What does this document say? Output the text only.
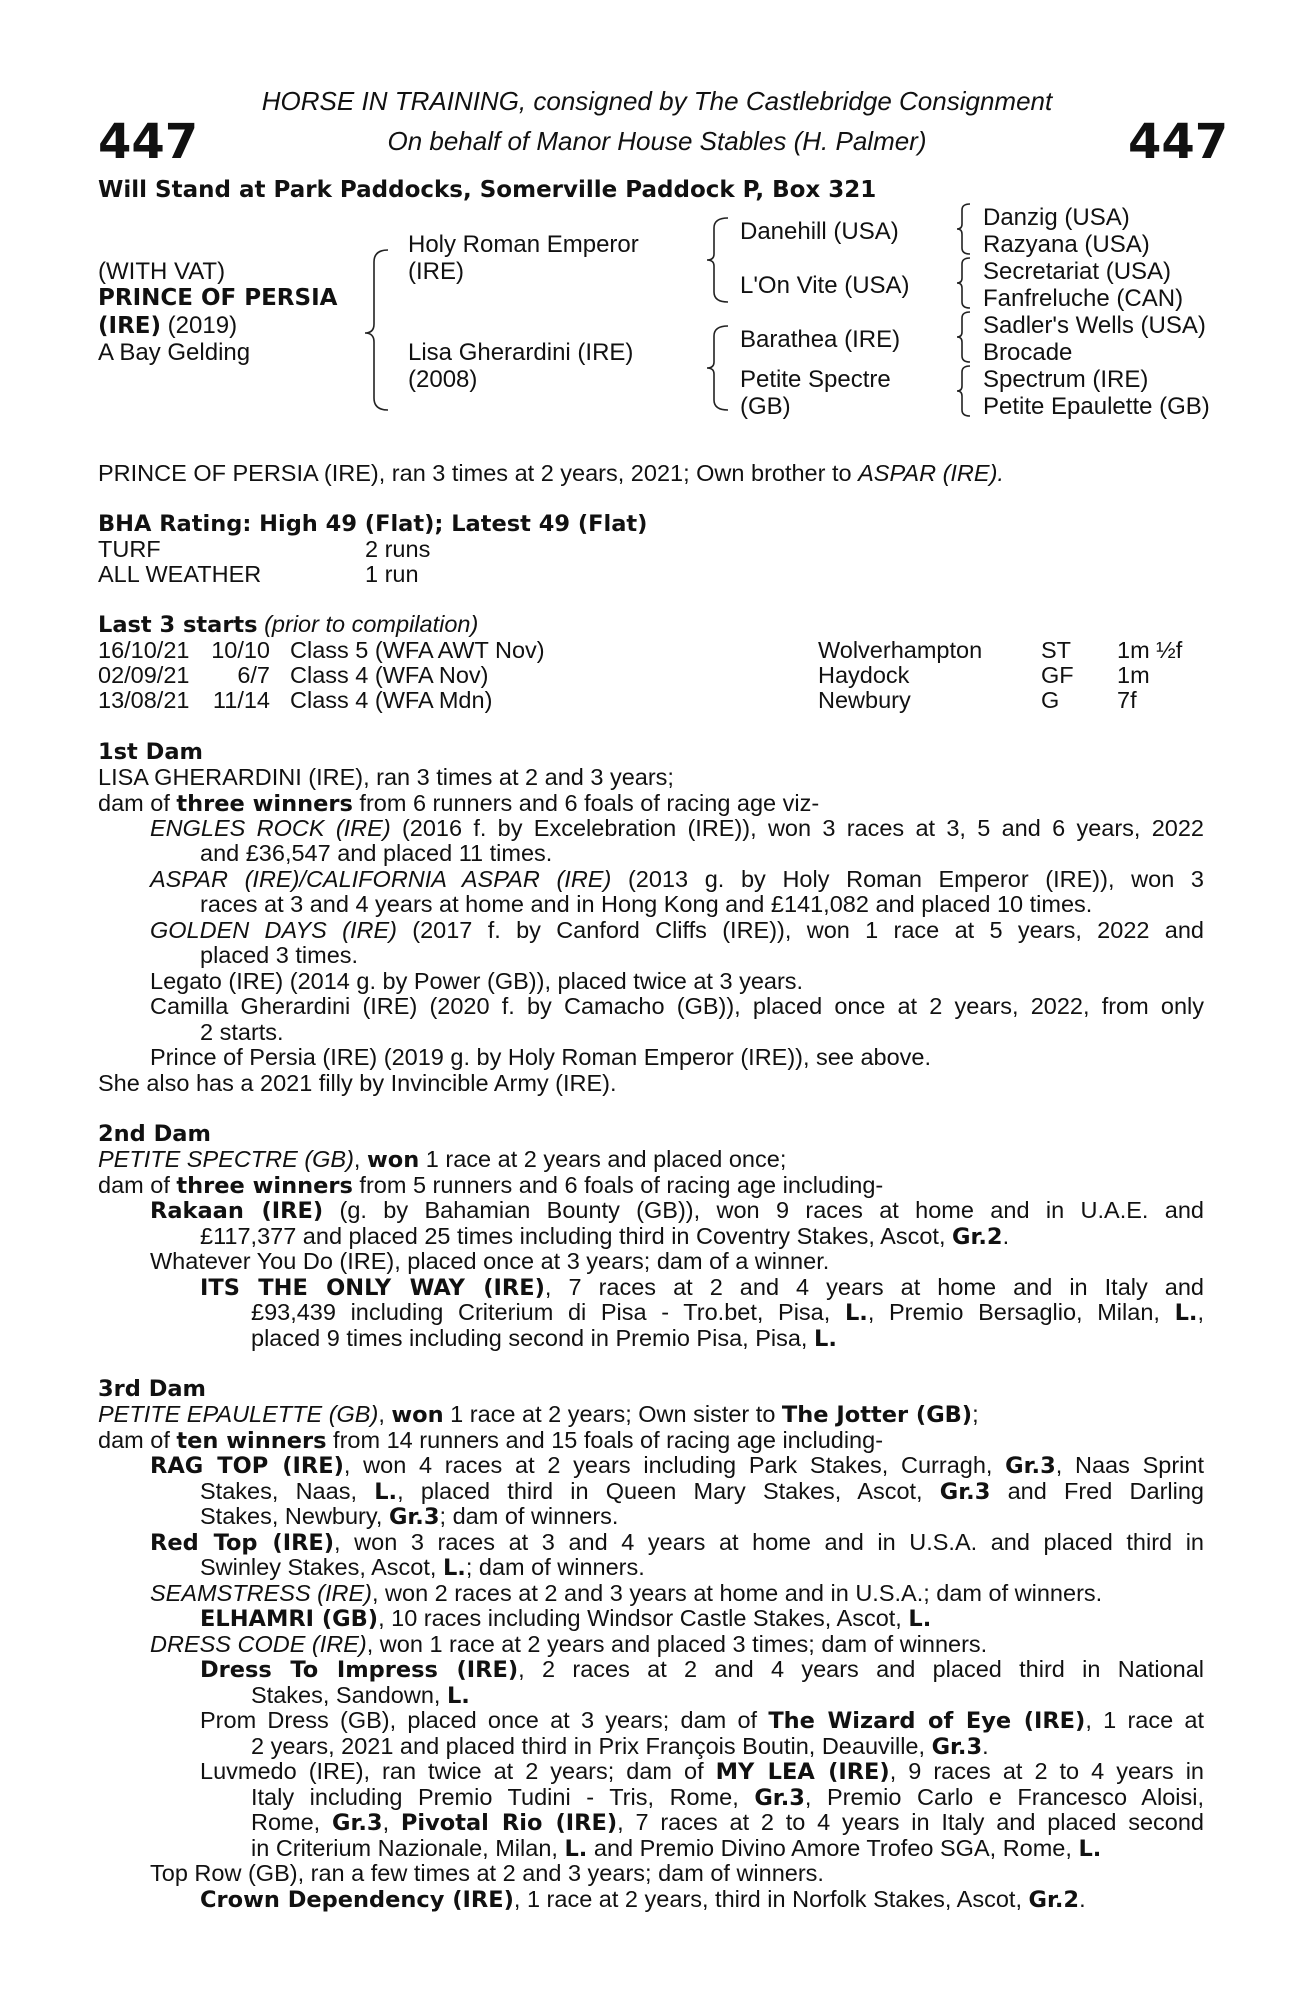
447	447
HORSE IN TRAINING, consigned by The Castlebridge Consignment
On behalf of Manor House Stables (H. Palmer)
Will Stand at Park Paddocks, Somerville Paddock P, Box 321
(WITH VAT)
PRINCE OF PERSIA
(IRE) (2019)
A Bay Gelding
Holy Roman Emperor
(IRE)
Lisa Gherardini (IRE)
(2008)
Danehill (USA)
L'On Vite (USA)
Barathea (IRE)
Petite Spectre
(GB)
Danzig (USA)
Razyana (USA)
Secretariat (USA)
Fanfreluche (CAN)
Sadler's Wells (USA)
Brocade
Spectrum (IRE)
Petite Epaulette (GB)
PRINCE OF PERSIA (IRE), ran 3 times at 2 years, 2021; Own brother to ASPAR (IRE).
BHA Rating: High 49 (Flat); Latest 49 (Flat)
TURF	2 runs
ALL WEATHER	1 run
Last 3 starts (prior to compilation)
16/10/21 10/10 Class 5 (WFA AWT Nov)	Wolverhampton	ST 1m ½f
02/09/21	6/7 Class 4 (WFA Nov)	Haydock	GF 1m
13/08/21 11/14 Class 4 (WFA Mdn)	Newbury	G 7f
1st Dam
LISA GHERARDINI (IRE), ran 3 times at 2 and 3 years;
dam of three winners from 6 runners and 6 foals of racing age viz-
ENGLES ROCK (IRE) (2016 f. by Excelebration (IRE)), won 3 races at 3, 5 and 6 years, 2022
and £36,547 and placed 11 times.
ASPAR (IRE)/CALIFORNIA ASPAR (IRE) (2013 g. by Holy Roman Emperor (IRE)), won 3
races at 3 and 4 years at home and in Hong Kong and £141,082 and placed 10 times.
GOLDEN DAYS (IRE) (2017 f. by Canford Cliffs (IRE)), won 1 race at 5 years, 2022 and
placed 3 times.
Legato (IRE) (2014 g. by Power (GB)), placed twice at 3 years.
Camilla Gherardini (IRE) (2020 f. by Camacho (GB)), placed once at 2 years, 2022, from only
2 starts.
Prince of Persia (IRE) (2019 g. by Holy Roman Emperor (IRE)), see above.
She also has a 2021 filly by Invincible Army (IRE).
2nd Dam
PETITE SPECTRE (GB), won 1 race at 2 years and placed once;
dam of three winners from 5 runners and 6 foals of racing age including-
Rakaan (IRE) (g. by Bahamian Bounty (GB)), won 9 races at home and in U.A.E. and
£117,377 and placed 25 times including third in Coventry Stakes, Ascot, Gr.2.
Whatever You Do (IRE), placed once at 3 years; dam of a winner.
ITS THE ONLY WAY (IRE), 7 races at 2 and 4 years at home and in Italy and
£93,439 including Criterium di Pisa - Tro.bet, Pisa, L., Premio Bersaglio, Milan, L.,
placed 9 times including second in Premio Pisa, Pisa, L.
3rd Dam
PETITE EPAULETTE (GB), won 1 race at 2 years; Own sister to The Jotter (GB);
dam of ten winners from 14 runners and 15 foals of racing age including-
RAG TOP (IRE), won 4 races at 2 years including Park Stakes, Curragh, Gr.3, Naas Sprint
Stakes, Naas, L., placed third in Queen Mary Stakes, Ascot, Gr.3 and Fred Darling
Stakes, Newbury, Gr.3; dam of winners.
Red Top (IRE), won 3 races at 3 and 4 years at home and in U.S.A. and placed third in
Swinley Stakes, Ascot, L.; dam of winners.
SEAMSTRESS (IRE), won 2 races at 2 and 3 years at home and in U.S.A.; dam of winners.
ELHAMRI (GB), 10 races including Windsor Castle Stakes, Ascot, L.
DRESS CODE (IRE), won 1 race at 2 years and placed 3 times; dam of winners.
Dress To Impress (IRE), 2 races at 2 and 4 years and placed third in National
Stakes, Sandown, L.
Prom Dress (GB), placed once at 3 years; dam of The Wizard of Eye (IRE), 1 race at
2 years, 2021 and placed third in Prix François Boutin, Deauville, Gr.3.
Luvmedo (IRE), ran twice at 2 years; dam of MY LEA (IRE), 9 races at 2 to 4 years in
Italy including Premio Tudini - Tris, Rome, Gr.3, Premio Carlo e Francesco Aloisi,
Rome, Gr.3, Pivotal Rio (IRE), 7 races at 2 to 4 years in Italy and placed second
in Criterium Nazionale, Milan, L. and Premio Divino Amore Trofeo SGA, Rome, L.
Top Row (GB), ran a few times at 2 and 3 years; dam of winners.
Crown Dependency (IRE), 1 race at 2 years, third in Norfolk Stakes, Ascot, Gr.2.
